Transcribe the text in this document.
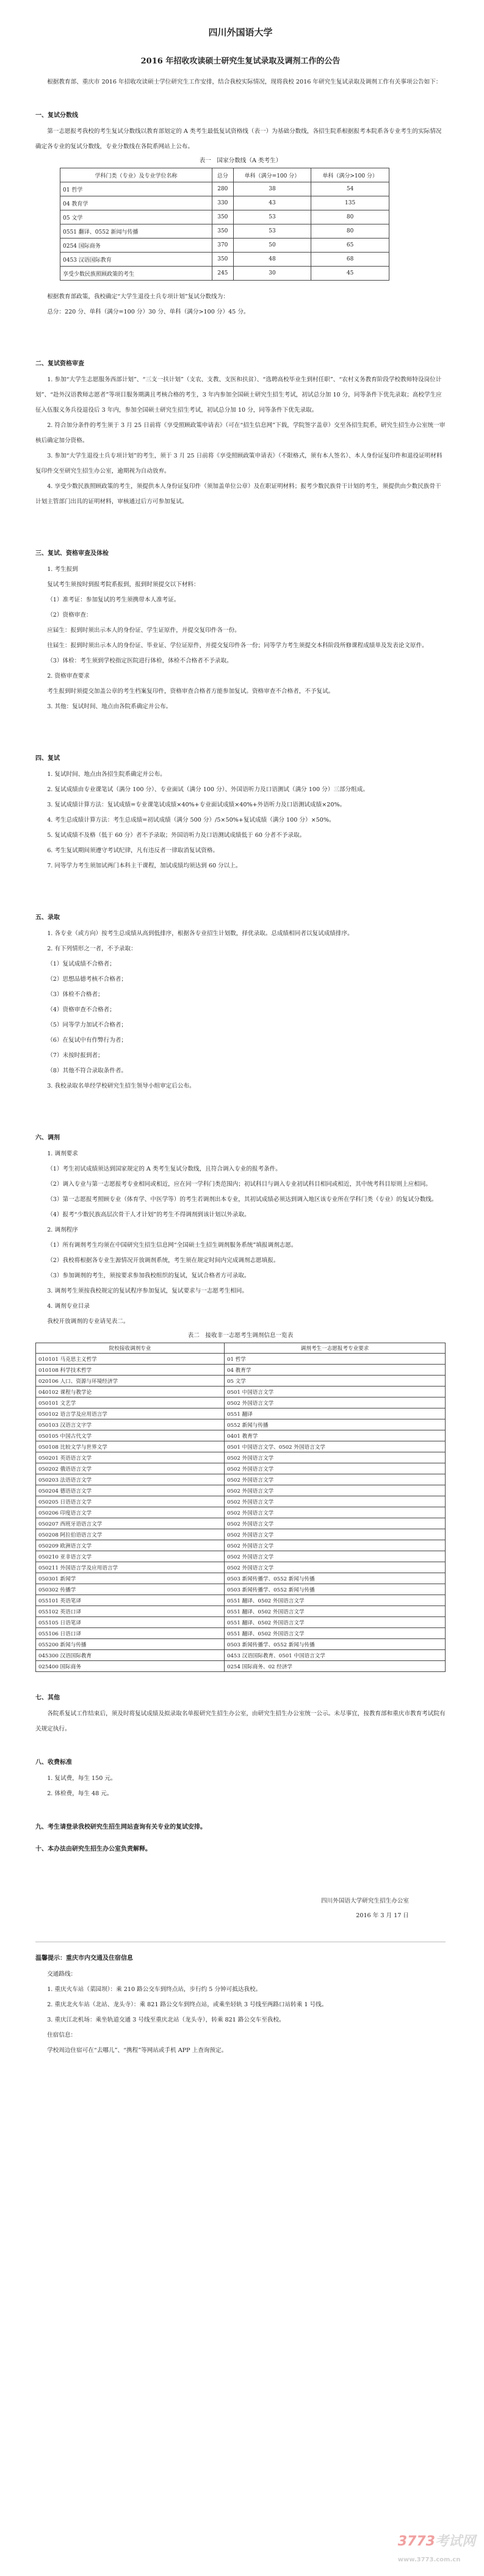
四川外国语大学
2016 年招收攻读硕士研究生复试录取及调剂工作的公告

根据教育部、重庆市 2016 年招收攻读硕士学位研究生工作安排，结合我校实际情况，现将我校 2016 年研究生复试录取及调剂工作有关事项公告如下：

一、复试分数线

第一志愿报考我校的考生复试分数线以教育部划定的 A 类考生最低复试资格线（表一）为基础分数线，各招生院系根据报考本院系各专业考生的实际情况确定各专业的复试分数线，专业分数线在各院系网站上公布。

表一　国家分数线（A 类考生）

学科门类（专业）及专业学位名称	总分	单科（满分=100 分）	单科（满分>100 分）
01 哲学	280	38	54
04 教育学	330	43	135
05 文学	350	53	80
0551 翻译、0552 新闻与传播	350	53	80
0254 国际商务	370	50	65
0453 汉语国际教育	350	48	68
享受少数民族照顾政策的考生	245	30	45

根据教育部政策，我校确定“大学生退役士兵专项计划”复试分数线为：

总分：220 分、单科（满分=100 分）30 分、单科（满分>100 分）45 分。

二、复试资格审查

1. 参加“大学生志愿服务西部计划”、“三支一扶计划”（支农、支教、支医和扶贫）、“选聘高校毕业生到村任职”、“农村义务教育阶段学校教师特设岗位计划”、“赴外汉语教师志愿者”等项目服务期满且考核合格的考生，3 年内参加全国硕士研究生招生考试，初试总分加 10 分，同等条件下优先录取；高校学生应征入伍服义务兵役退役后 3 年内，参加全国硕士研究生招生考试，初试总分加 10 分，同等条件下优先录取。

2. 符合加分条件的考生须于 3 月 25 日前将《享受照顾政策申请表》（可在“招生信息网”下载，学院签字盖章）交至各招生院系，研究生招生办公室统一审核后确定加分资格。

3. 参加“大学生退役士兵专项计划”的考生，须于 3 月 25 日前将《享受照顾政策申请表》（不限格式，须有本人签名）、本人身份证复印件和退役证明材料复印件交至研究生招生办公室，逾期视为自动放弃。

4. 享受少数民族照顾政策的考生，须提供本人身份证复印件（须加盖单位公章）及在职证明材料；报考少数民族骨干计划的考生，须提供由少数民族骨干计划主管部门出具的证明材料，审核通过后方可参加复试。

三、复试、资格审查及体检

1. 考生报到

复试考生须按时到报考院系报到，报到时须提交以下材料：

（1）准考证：参加复试的考生须携带本人准考证。

（2）资格审查：

应届生：报到时须出示本人的身份证、学生证原件，并提交复印件各一份。

往届生：报到时须出示本人的身份证、毕业证、学位证原件，并提交复印件各一份；同等学力考生须提交本科阶段所修课程成绩单及发表论文原件。

（3）体检：考生须到学校指定医院进行体检，体检不合格者不予录取。

2. 资格审查要求

考生报到时须提交加盖公章的考生档案复印件，资格审查合格者方能参加复试。资格审查不合格者，不予复试。

3. 其他：复试时间、地点由各院系确定并公布。

四、复试

1. 复试时间、地点由各招生院系确定并公布。

2. 复试成绩由专业课笔试（满分 100 分）、专业面试（满分 100 分）、外国语听力及口语测试（满分 100 分）三部分组成。

3. 复试成绩计算方法：复试成绩=专业课笔试成绩×40%+专业面试成绩×40%+外语听力及口语测试成绩×20%。

4. 考生总成绩计算方法：考生总成绩=初试成绩（满分 500 分）/5×50%+复试成绩（满分 100 分）×50%。

5. 复试成绩不及格（低于 60 分）者不予录取；外国语听力及口语测试成绩低于 60 分者不予录取。

6. 考生复试期间须遵守考试纪律，凡有违反者一律取消复试资格。

7. 同等学力考生须加试两门本科主干课程，加试成绩均须达到 60 分以上。

五、录取

1. 各专业（或方向）按考生总成绩从高到低排序，根据各专业招生计划数，择优录取。总成绩相同者以复试成绩排序。

2. 有下列情形之一者，不予录取：

（1）复试成绩不合格者；

（2）思想品德考核不合格者；

（3）体检不合格者；

（4）资格审查不合格者；

（5）同等学力加试不合格者；

（6）在复试中有作弊行为者；

（7）未按时报到者；

（8）其他不符合录取条件者。

3. 我校录取名单经学校研究生招生领导小组审定后公布。

六、调剂

1. 调剂要求

（1）考生初试成绩须达到国家规定的 A 类考生复试分数线，且符合调入专业的报考条件。

（2）调入专业与第一志愿报考专业相同或相近，应在同一学科门类范围内；初试科目与调入专业初试科目相同或相近，其中统考科目原则上应相同。

（3）第一志愿报考照顾专业（体育学、中医学等）的考生若调剂出本专业，其初试成绩必须达到调入地区该专业所在学科门类（专业）的复试分数线。

（4）报考“少数民族高层次骨干人才计划”的考生不得调剂到该计划以外录取。

2. 调剂程序

（1）所有调剂考生均须在中国研究生招生信息网“全国硕士生招生调剂服务系统”填报调剂志愿。

（2）我校将根据各专业生源情况开放调剂系统，考生须在规定时间内完成调剂志愿填报。

（3）参加调剂的考生，须按要求参加我校组织的复试，复试合格者方可录取。

3. 调剂考生须按我校规定的复试程序参加复试，复试要求与一志愿考生相同。

4. 调剂专业目录

我校开放调剂的专业请见表二。

表二　接收非一志愿考生调剂信息一览表

院校接收调剂专业	调剂考生一志愿报考专业要求
010101 马克思主义哲学	01 哲学
010108 科学技术哲学	04 教育学
020106 人口、资源与环境经济学	05 文学
040102 课程与教学论	0501 中国语言文学
050101 文艺学	0502 外国语言文学
050102 语言学及应用语言学	0551 翻译
050103 汉语言文字学	0552 新闻与传播
050105 中国古代文学	0401 教育学
050108 比较文学与世界文学	0501 中国语言文学、0502 外国语言文学
050201 英语语言文学	0502 外国语言文学
050202 俄语语言文学	0502 外国语言文学
050203 法语语言文学	0502 外国语言文学
050204 德语语言文学	0502 外国语言文学
050205 日语语言文学	0502 外国语言文学
050206 印度语言文学	0502 外国语言文学
050207 西班牙语语言文学	0502 外国语言文学
050208 阿拉伯语语言文学	0502 外国语言文学
050209 欧洲语言文学	0502 外国语言文学
050210 亚非语言文学	0502 外国语言文学
050211 外国语言学及应用语言学	0502 外国语言文学
050301 新闻学	0503 新闻传播学、0552 新闻与传播
050302 传播学	0503 新闻传播学、0552 新闻与传播
055101 英语笔译	0551 翻译、0502 外国语言文学
055102 英语口译	0551 翻译、0502 外国语言文学
055105 日语笔译	0551 翻译、0502 外国语言文学
055106 日语口译	0551 翻译、0502 外国语言文学
055200 新闻与传播	0503 新闻传播学、0552 新闻与传播
045300 汉语国际教育	0453 汉语国际教育、0501 中国语言文学
025400 国际商务	0254 国际商务、02 经济学

七、其他

各院系复试工作结束后，须及时将复试成绩及拟录取名单报研究生招生办公室，由研究生招生办公室统一公示。未尽事宜，按教育部和重庆市教育考试院有关规定执行。

八、收费标准

1. 复试费，每生 150 元。

2. 体检费，每生 48 元。

九、考生请登录我校研究生招生网站查询有关专业的复试安排。

十、本办法由研究生招生办公室负责解释。

四川外国语大学研究生招生办公室

2016 年 3 月 17 日

温馨提示：重庆市内交通及住宿信息

交通路线：

1. 重庆火车站（菜园坝）：乘 210 路公交车到终点站，步行约 5 分钟可抵达我校。

2. 重庆北火车站（北站、龙头寺）：乘 821 路公交车到终点站，或乘坐轻轨 3 号线至两路口站转乘 1 号线。

3. 重庆江北机场：乘坐轨道交通 3 号线至重庆北站（龙头寺），转乘 821 路公交车至我校。

住宿信息：

学校周边住宿可在“去哪儿”、“携程”等网站或手机 APP 上查询预定。

3773考试网
www.3773.com.cn
